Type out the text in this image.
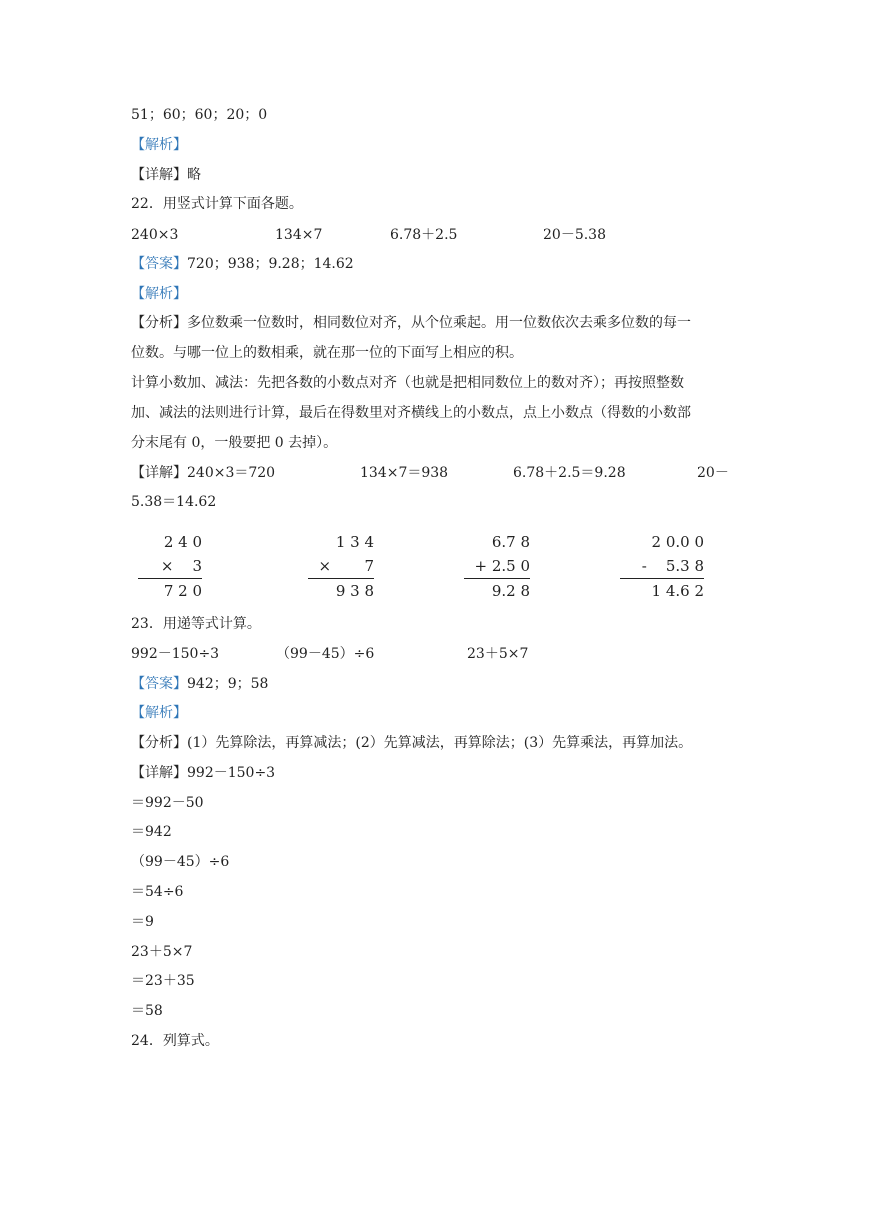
51；60；60；20；0
【解析】
【详解】略
22．用竖式计算下面各题。
240×3	134×7	6.78＋2.5	20－5.38
【答案】720；938；9.28；14.62
【解析】
【分析】多位数乘一位数时，相同数位对齐，从个位乘起。用一位数依次去乘多位数的每一
位数。与哪一位上的数相乘，就在那一位的下面写上相应的积。
计算小数加、减法：先把各数的小数点对齐（也就是把相同数位上的数对齐）；再按照整数
加、减法的法则进行计算，最后在得数里对齐横线上的小数点，点上小数点（得数的小数部
分末尾有 0，一般要把 0 去掉）。
【详解】240×3＝720	134×7＝938	6.78＋2.5＝9.28	20－
5.38＝14.62
2 4 0
×    3
7 2 0
1 3 4
×       7
9 3 8
6.7 8
+ 2.5 0
9.2 8
2 0.0 0
-    5.3 8
1 4.6 2
23．用递等式计算。
992－150÷3	（99－45）÷6	23＋5×7
【答案】942；9；58
【解析】
【分析】(1）先算除法，再算减法；(2）先算减法，再算除法；(3）先算乘法，再算加法。
【详解】992－150÷3
＝992－50
＝942
（99－45）÷6
＝54÷6
＝9
23＋5×7
＝23＋35
＝58
24．列算式。
